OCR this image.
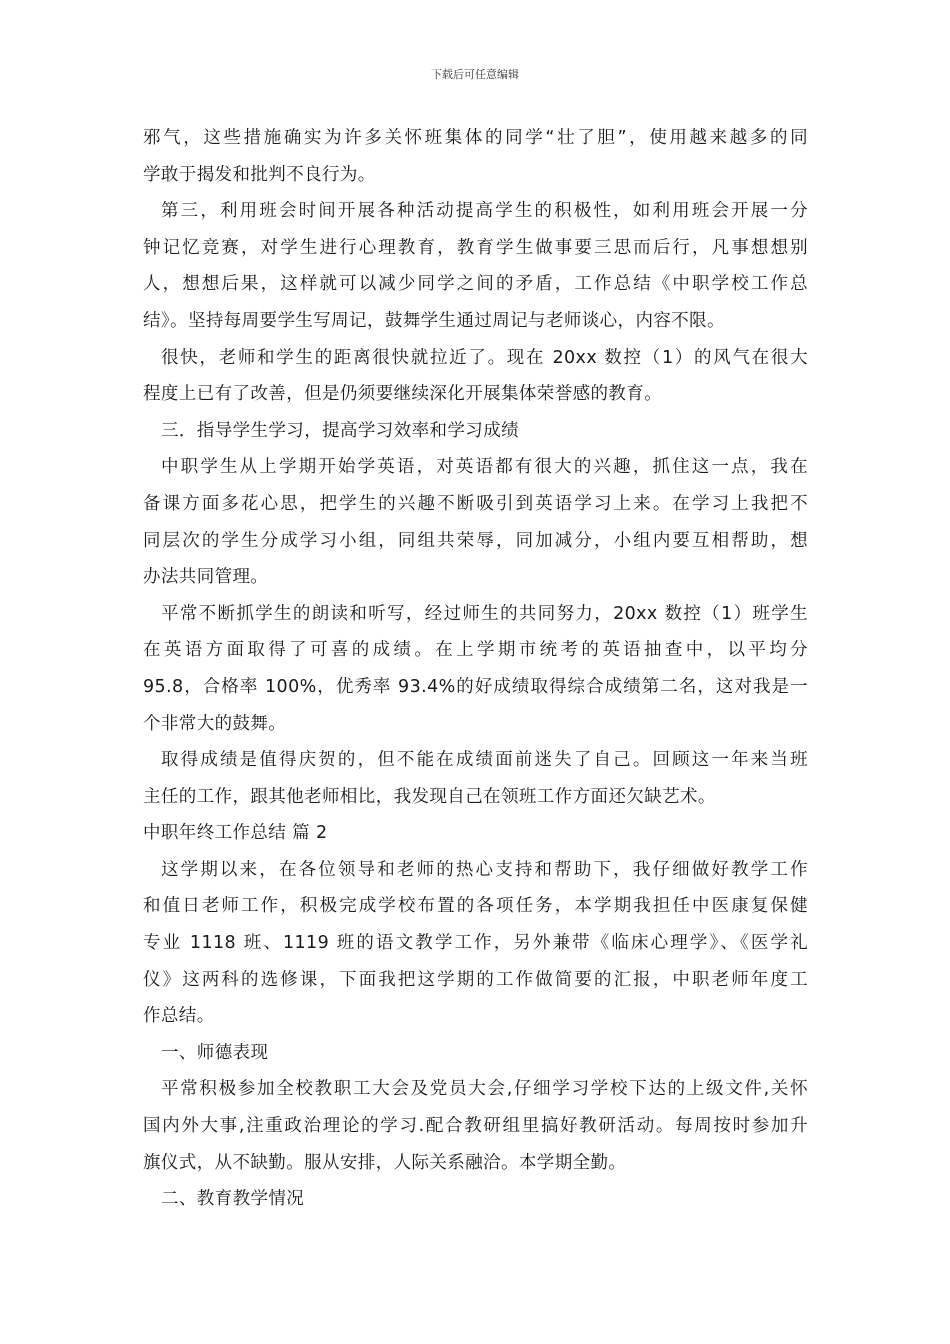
下载后可任意编辑
邪气，这些措施确实为许多关怀班集体的同学“壮了胆”，使用越来越多的同
学敢于揭发和批判不良行为。
第三，利用班会时间开展各种活动提高学生的积极性，如利用班会开展一分
钟记忆竞赛，对学生进行心理教育，教育学生做事要三思而后行，凡事想想别
人，想想后果，这样就可以减少同学之间的矛盾，工作总结《中职学校工作总
结》。坚持每周要学生写周记，鼓舞学生通过周记与老师谈心，内容不限。
很快，老师和学生的距离很快就拉近了。现在 20xx 数控（1）的风气在很大
程度上已有了改善，但是仍须要继续深化开展集体荣誉感的教育。
三．指导学生学习，提高学习效率和学习成绩
中职学生从上学期开始学英语，对英语都有很大的兴趣，抓住这一点，我在
备课方面多花心思，把学生的兴趣不断吸引到英语学习上来。在学习上我把不
同层次的学生分成学习小组，同组共荣辱，同加减分，小组内要互相帮助，想
办法共同管理。
平常不断抓学生的朗读和听写，经过师生的共同努力，20xx 数控（1）班学生
在英语方面取得了可喜的成绩。在上学期市统考的英语抽查中，以平均分
95.8，合格率 100%，优秀率 93.4%的好成绩取得综合成绩第二名，这对我是一
个非常大的鼓舞。
取得成绩是值得庆贺的，但不能在成绩面前迷失了自己。回顾这一年来当班
主任的工作，跟其他老师相比，我发现自己在领班工作方面还欠缺艺术。
中职年终工作总结 篇 2
这学期以来，在各位领导和老师的热心支持和帮助下，我仔细做好教学工作
和值日老师工作，积极完成学校布置的各项任务，本学期我担任中医康复保健
专业 1118 班、1119 班的语文教学工作，另外兼带《临床心理学》、《医学礼
仪》这两科的选修课，下面我把这学期的工作做简要的汇报，中职老师年度工
作总结。
一、师德表现
平常积极参加全校教职工大会及党员大会,仔细学习学校下达的上级文件,关怀
国内外大事,注重政治理论的学习.配合教研组里搞好教研活动。每周按时参加升
旗仪式，从不缺勤。服从安排，人际关系融洽。本学期全勤。
二、教育教学情况
